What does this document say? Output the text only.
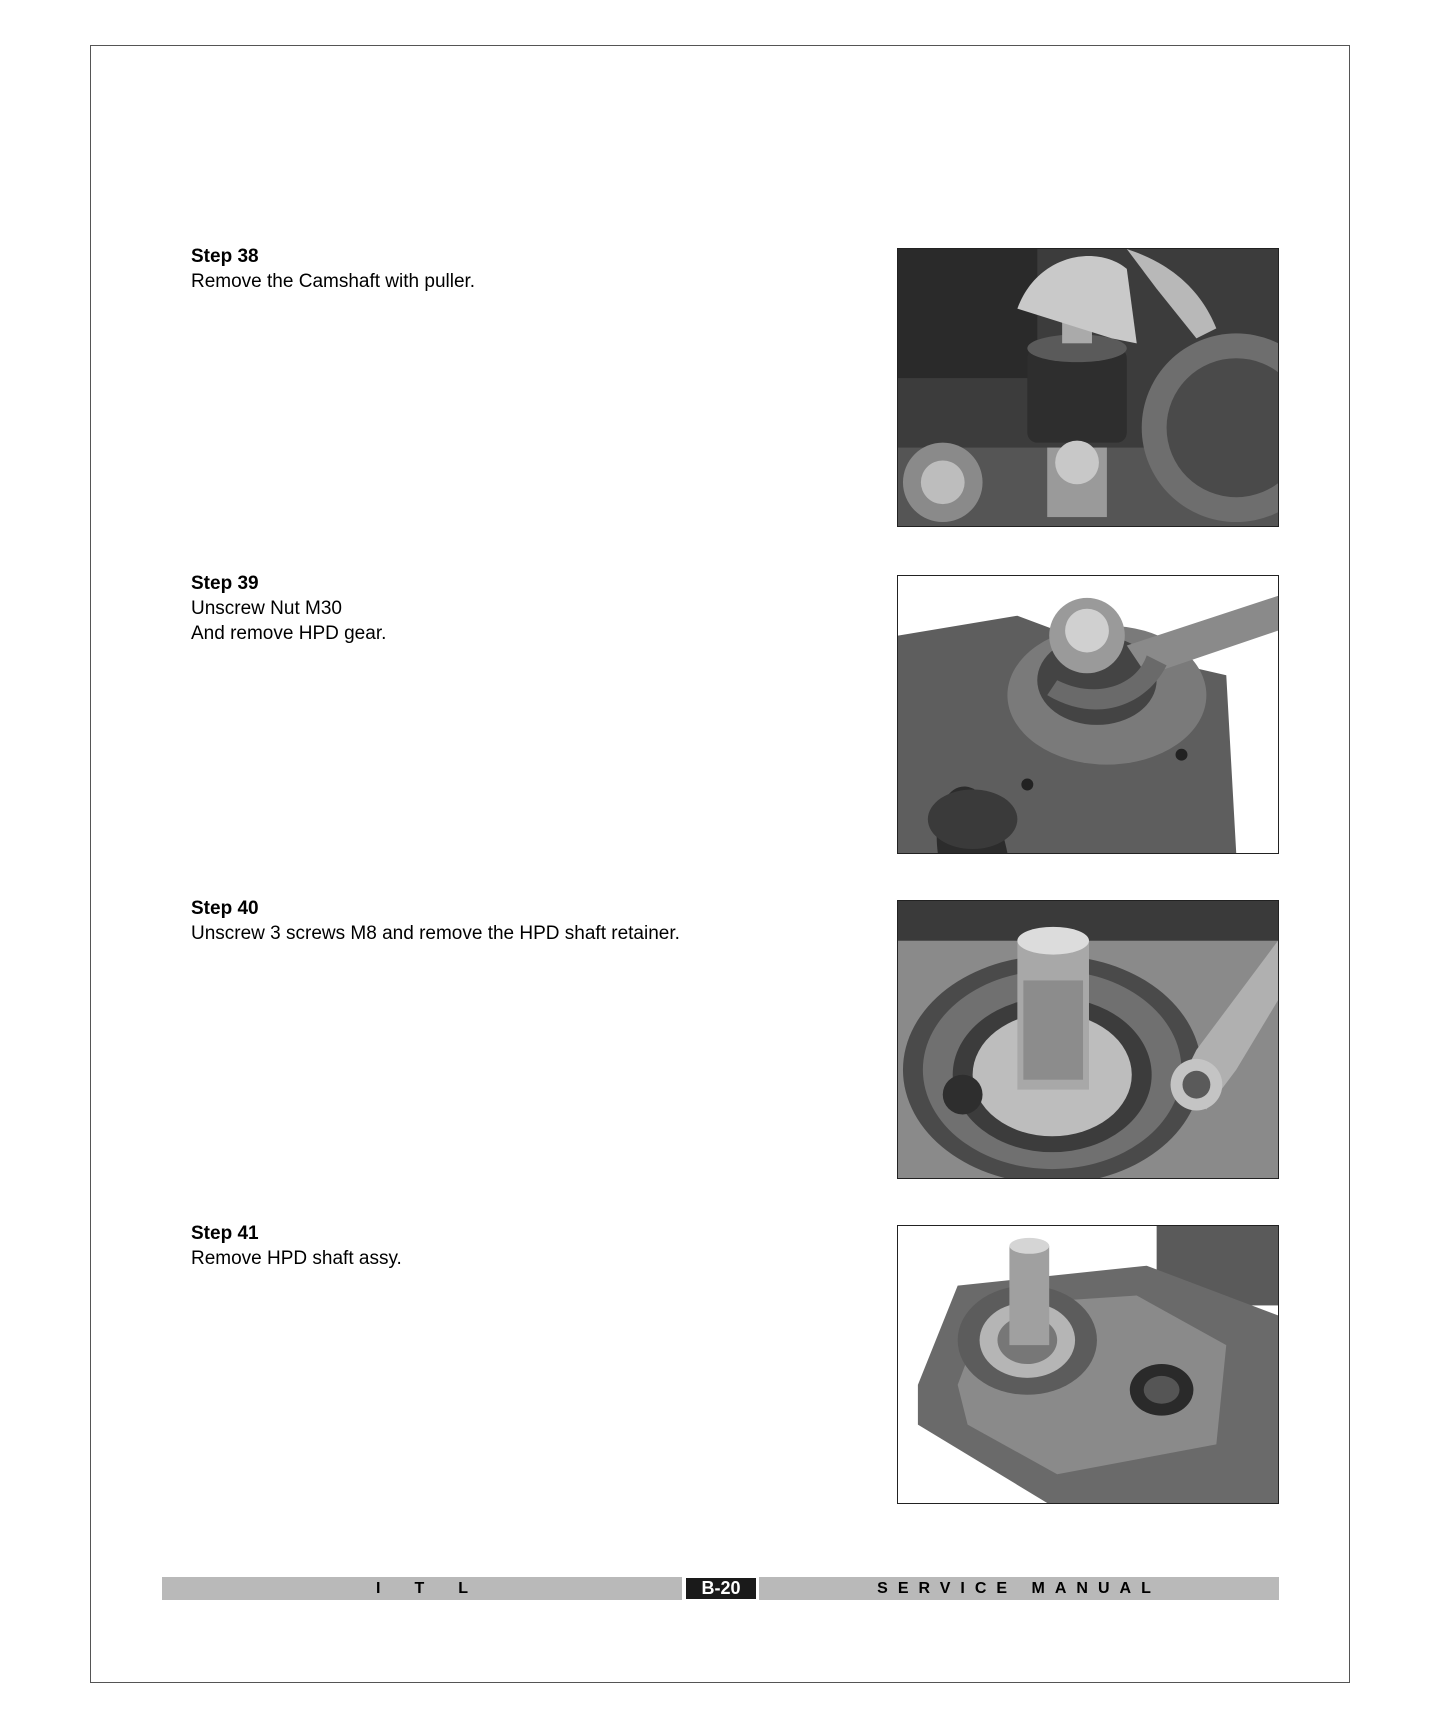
Step 38
Remove the Camshaft with puller.
Step 39
Unscrew Nut M30
And remove HPD gear.
Step 40
Unscrew 3 screws M8 and remove the HPD shaft retainer.
Step 41
Remove HPD shaft assy.
ITL	B-20	SERVICE MANUAL
